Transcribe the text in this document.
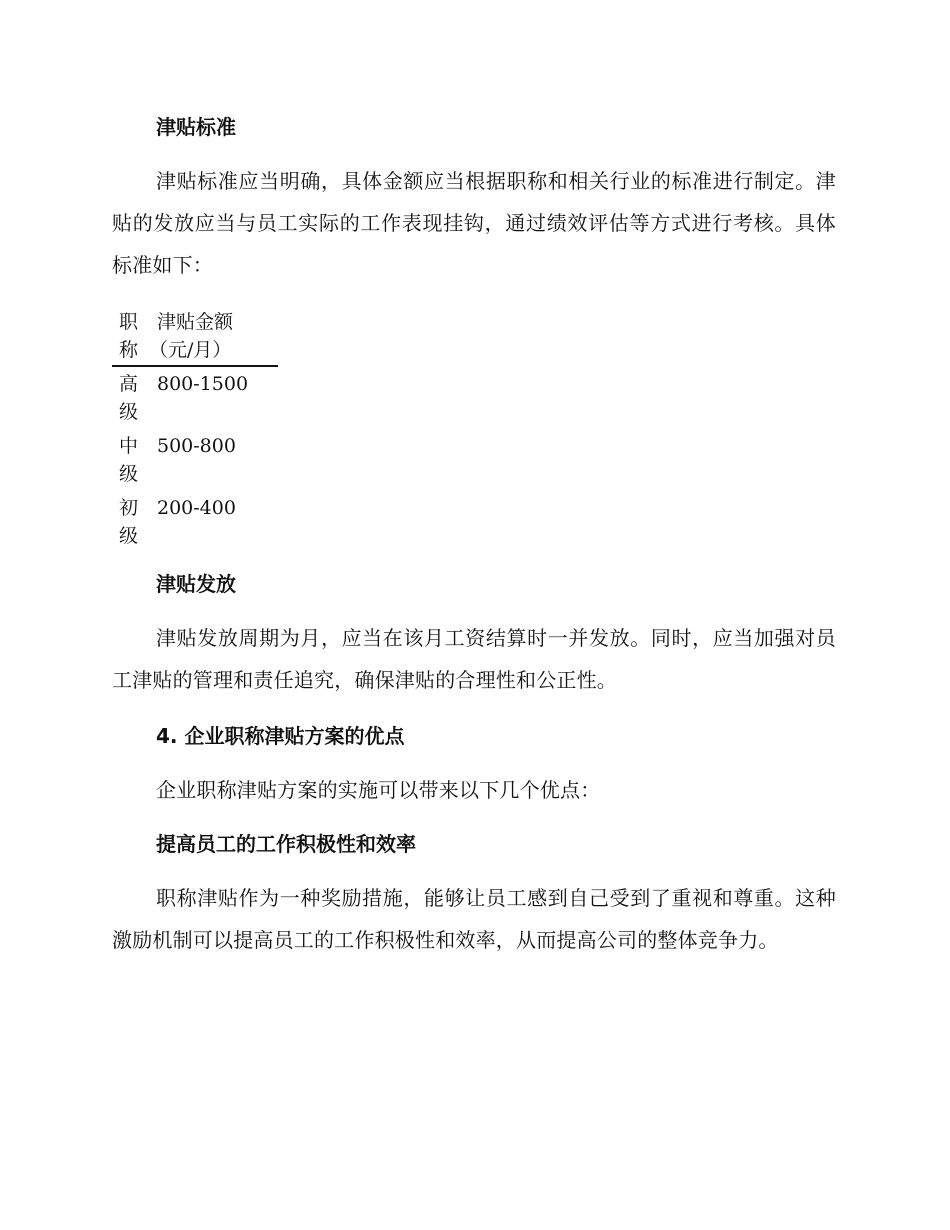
津贴标准

津贴标准应当明确，具体金额应当根据职称和相关行业的标准进行制定。津贴的发放应当与员工实际的工作表现挂钩，通过绩效评估等方式进行考核。具体标准如下：

职称
津贴金额
（元/月）
高级
800-1500
中级
500-800
初级
200-400
津贴发放

津贴发放周期为月，应当在该月工资结算时一并发放。同时，应当加强对员工津贴的管理和责任追究，确保津贴的合理性和公正性。

4. 企业职称津贴方案的优点

企业职称津贴方案的实施可以带来以下几个优点：

提高员工的工作积极性和效率

职称津贴作为一种奖励措施，能够让员工感到自己受到了重视和尊重。这种激励机制可以提高员工的工作积极性和效率，从而提高公司的整体竞争力。
